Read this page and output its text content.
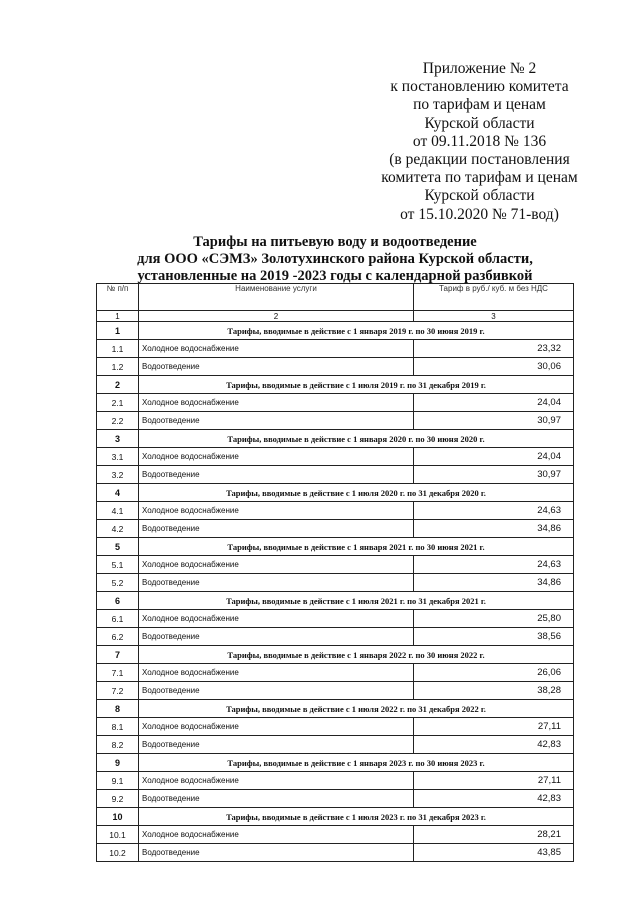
Приложение № 2
к постановлению комитета
по тарифам и ценам
Курской области
от 09.11.2018 № 136
(в редакции постановления
комитета по тарифам и ценам
Курской области
от 15.10.2020 № 71-вод)
Тарифы на питьевую воду и водоотведение
для ООО «СЭМЗ» Золотухинского района Курской области,
установленные на 2019 -2023 годы с календарной разбивкой
№ п/п	Наименование услуги	Тариф в руб./ куб. м без НДС
1	2	3
1	Тарифы, вводимые в действие с 1 января 2019 г. по 30 июня 2019 г.	
1.1	Холодное водоснабжение	23,32
1.2	Водоотведение	30,06
2	Тарифы, вводимые в действие с 1 июля 2019 г. по 31 декабря 2019 г.	
2.1	Холодное водоснабжение	24,04
2.2	Водоотведение	30,97
3	Тарифы, вводимые в действие с 1 января 2020 г. по 30 июня 2020 г.	
3.1	Холодное водоснабжение	24,04
3.2	Водоотведение	30,97
4	Тарифы, вводимые в действие с 1 июля 2020 г. по 31 декабря 2020 г.	
4.1	Холодное водоснабжение	24,63
4.2	Водоотведение	34,86
5	Тарифы, вводимые в действие с 1 января 2021 г. по 30 июня 2021 г.	
5.1	Холодное водоснабжение	24,63
5.2	Водоотведение	34,86
6	Тарифы, вводимые в действие с 1 июля 2021 г. по 31 декабря 2021 г.	
6.1	Холодное водоснабжение	25,80
6.2	Водоотведение	38,56
7	Тарифы, вводимые в действие с 1 января 2022 г. по 30 июня 2022 г.	
7.1	Холодное водоснабжение	26,06
7.2	Водоотведение	38,28
8	Тарифы, вводимые в действие с 1 июля 2022 г. по 31 декабря 2022 г.	
8.1	Холодное водоснабжение	27,11
8.2	Водоотведение	42,83
9	Тарифы, вводимые в действие с 1 января 2023 г. по 30 июня 2023 г.	
9.1	Холодное водоснабжение	27,11
9.2	Водоотведение	42,83
10	Тарифы, вводимые в действие с 1 июля 2023 г. по 31 декабря 2023 г.	
10.1	Холодное водоснабжение	28,21
10.2	Водоотведение	43,85
